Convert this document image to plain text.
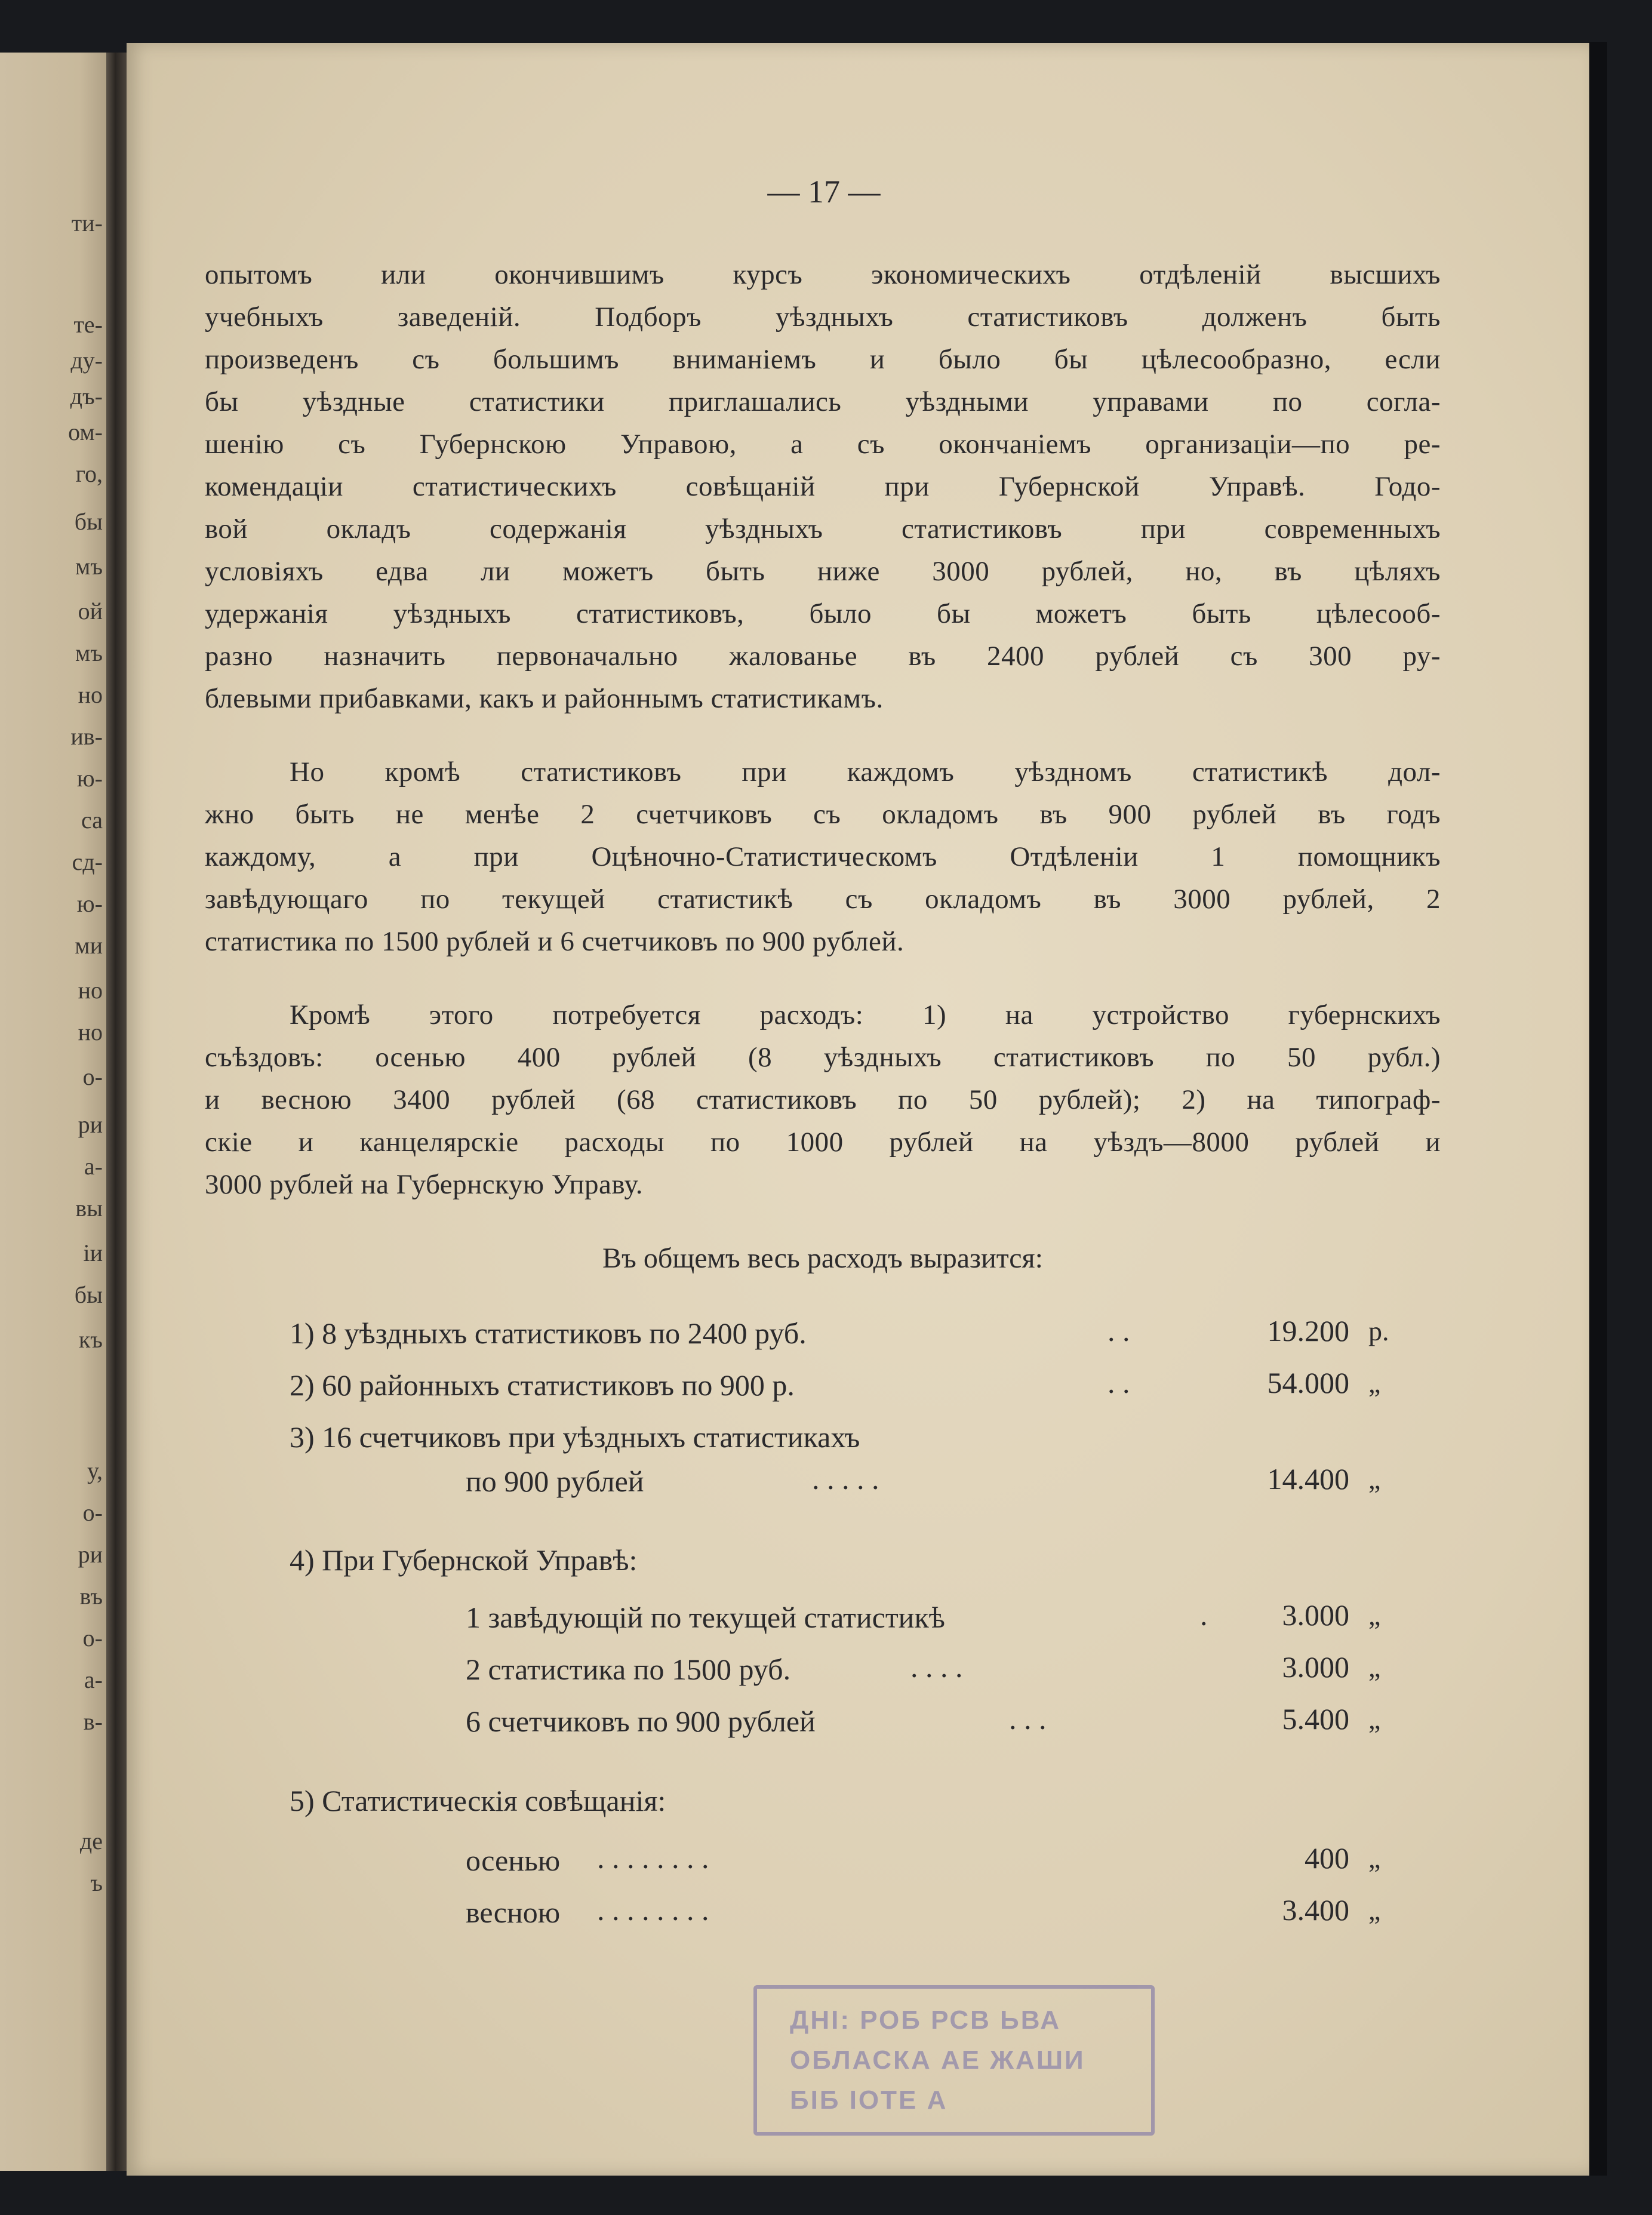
ти-
те-
ду-
дъ-
ом-
го,
бы
мъ
ой
мъ
но
ив-
ю-
са
сд-
ю-
ми
но
но
о-
ри
а-
вы
iи
бы
къ
у,
о-
ри
въ
о-
а-
в-
де
ъ
— 17 —
опытомъ или окончившимъ курсъ экономическихъ отдѣленiй высшихъ
учебныхъ заведенiй. Подборъ уѣздныхъ статистиковъ долженъ быть
произведенъ съ большимъ вниманiемъ и было бы цѣлесообразно, если
бы уѣздные статистики приглашались уѣздными управами по согла-
шенiю съ Губернскою Управою, а съ окончанiемъ организацiи—по ре-
комендацiи статистическихъ совѣщанiй при Губернской Управѣ. Годо-
вой окладъ содержанiя уѣздныхъ статистиковъ при современныхъ
условiяхъ едва ли можетъ быть ниже 3000 рублей, но, въ цѣляхъ
удержанiя уѣздныхъ статистиковъ, было бы можетъ быть цѣлесооб-
разно назначить первоначально жалованье въ 2400 рублей съ 300 ру-
блевыми прибавками, какъ и районнымъ статистикамъ.
Но кромѣ статистиковъ при каждомъ уѣздномъ статистикѣ дол-
жно быть не менѣе 2 счетчиковъ съ окладомъ въ 900 рублей въ годъ
каждому, а при Оцѣночно-Статистическомъ Отдѣленiи 1 помощникъ
завѣдующаго по текущей статистикѣ съ окладомъ въ 3000 рублей, 2
статистика по 1500 рублей и 6 счетчиковъ по 900 рублей.
Кромѣ этого потребуется расходъ: 1) на устройство губернскихъ
съѣздовъ: осенью 400 рублей (8 уѣздныхъ статистиковъ по 50 рубл.)
и весною 3400 рублей (68 статистиковъ по 50 рублей); 2) на типограф-
скiе и канцелярскiе расходы по 1000 рублей на уѣздъ—8000 рублей и
3000 рублей на Губернскую Управу.
Въ общемъ весь расходъ выразится:
1) 8 уѣздныхъ статистиковъ по 2400 руб.	. .	19.200 р.
2) 60 районныхъ статистиковъ по 900 р.	. .	54.000 „
3) 16 счетчиковъ при уѣздныхъ статистикахъ
по 900 рублей	. . . . .	14.400 „
4) При Губернской Управѣ:
1 завѣдующiй по текущей статистикѣ	.	3.000 „
2 статистика по 1500 руб.	. . . .	3.000 „
6 счетчиковъ по 900 рублей	. . .	5.400 „
5) Статистическiя совѣщанiя:
осенью . . . . . . . .	400 „
весною . . . . . . . .	3.400 „
ДНI: РОБ РСВ ЬВА
ОБЛАСКА АЕ ЖАШИ
БIБ IОТЕ А
